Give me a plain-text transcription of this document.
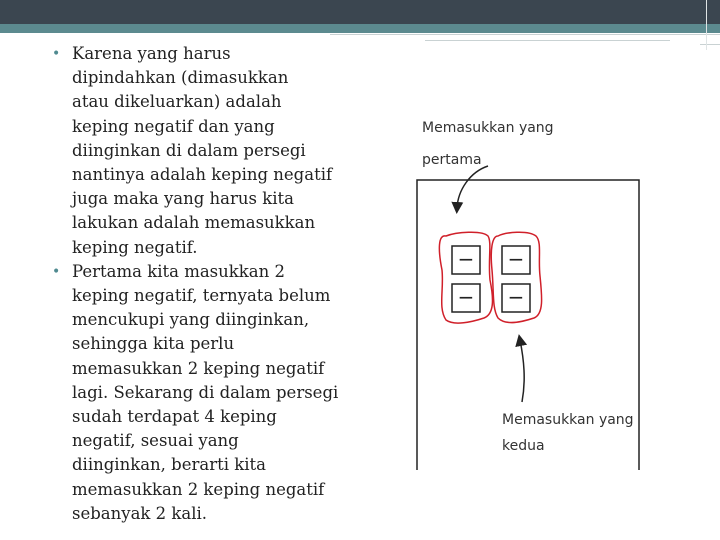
• Karena yang harus
dipindahkan (dimasukkan
atau dikeluarkan) adalah
keping negatif dan yang
diinginkan di dalam persegi
nantinya adalah keping negatif
juga maka yang harus kita
lakukan adalah memasukkan
keping negatif.
• Pertama kita masukkan 2
keping negatif, ternyata belum
mencukupi yang diinginkan,
sehingga kita perlu
memasukkan 2 keping negatif
lagi. Sekarang di dalam persegi
sudah terdapat 4 keping
negatif, sesuai yang
diinginkan, berarti kita
memasukkan 2 keping negatif
sebanyak 2 kali.
Memasukkan yang
pertama
Memasukkan yang
kedua
− −
− −
